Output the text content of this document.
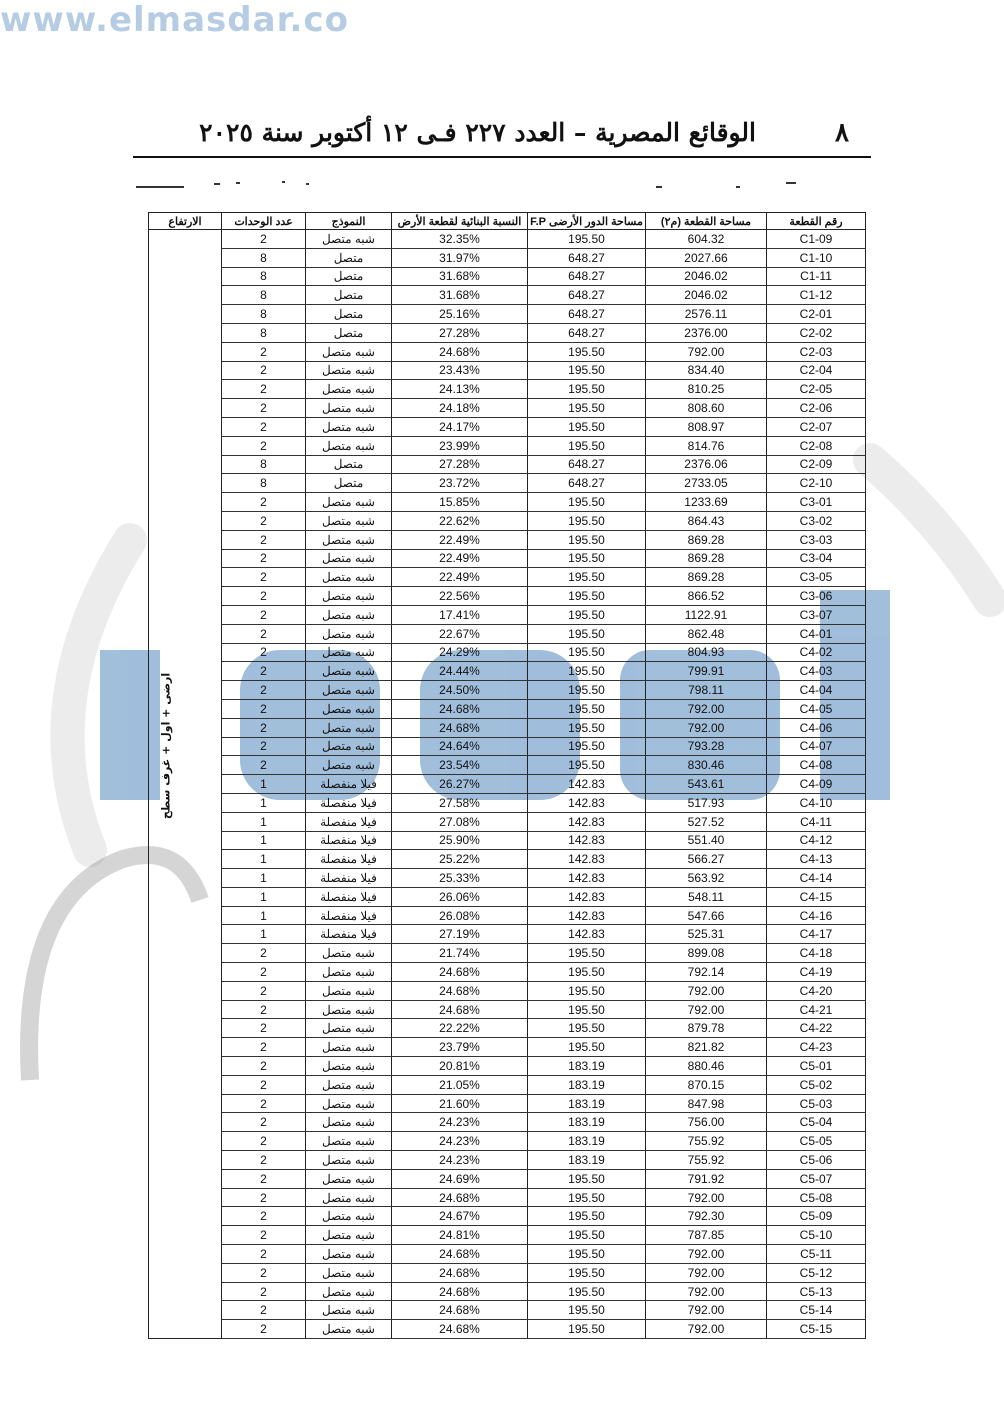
٨
الوقائع المصرية – العدد ٢٢٧ فـى ١٢ أكتوبر سنة ٢٠٢٥
www.elmasdar.co
رقم القطعة	مساحة القطعة (م٢)	مساحة الدور الأرضى F.P	النسبة البنائية لقطعة الأرض	النموذج	عدد الوحدات	الارتفاع
C1-09	604.32	195.50	32.35%	شبه متصل	2	
C1-10	2027.66	648.27	31.97%	متصل	8	
C1-11	2046.02	648.27	31.68%	متصل	8	
C1-12	2046.02	648.27	31.68%	متصل	8	
C2-01	2576.11	648.27	25.16%	متصل	8	
C2-02	2376.00	648.27	27.28%	متصل	8	
C2-03	792.00	195.50	24.68%	شبه متصل	2	
C2-04	834.40	195.50	23.43%	شبه متصل	2	
C2-05	810.25	195.50	24.13%	شبه متصل	2	
C2-06	808.60	195.50	24.18%	شبه متصل	2	
C2-07	808.97	195.50	24.17%	شبه متصل	2	
C2-08	814.76	195.50	23.99%	شبه متصل	2	
C2-09	2376.06	648.27	27.28%	متصل	8	
C2-10	2733.05	648.27	23.72%	متصل	8	
C3-01	1233.69	195.50	15.85%	شبه متصل	2	
C3-02	864.43	195.50	22.62%	شبه متصل	2	
C3-03	869.28	195.50	22.49%	شبه متصل	2	
C3-04	869.28	195.50	22.49%	شبه متصل	2	
C3-05	869.28	195.50	22.49%	شبه متصل	2	
C3-06	866.52	195.50	22.56%	شبه متصل	2	
C3-07	1122.91	195.50	17.41%	شبه متصل	2	
C4-01	862.48	195.50	22.67%	شبه متصل	2	
C4-02	804.93	195.50	24.29%	شبه متصل	2	
C4-03	799.91	195.50	24.44%	شبه متصل	2	
C4-04	798.11	195.50	24.50%	شبه متصل	2	
C4-05	792.00	195.50	24.68%	شبه متصل	2	
C4-06	792.00	195.50	24.68%	شبه متصل	2	
C4-07	793.28	195.50	24.64%	شبه متصل	2	
C4-08	830.46	195.50	23.54%	شبه متصل	2	
C4-09	543.61	142.83	26.27%	فيلا منفصلة	1	
C4-10	517.93	142.83	27.58%	فيلا منفصلة	1	
C4-11	527.52	142.83	27.08%	فيلا منفصلة	1	
C4-12	551.40	142.83	25.90%	فيلا منفصلة	1	
C4-13	566.27	142.83	25.22%	فيلا منفصلة	1	
C4-14	563.92	142.83	25.33%	فيلا منفصلة	1	
C4-15	548.11	142.83	26.06%	فيلا منفصلة	1	
C4-16	547.66	142.83	26.08%	فيلا منفصلة	1	
C4-17	525.31	142.83	27.19%	فيلا منفصلة	1	
C4-18	899.08	195.50	21.74%	شبه متصل	2	
C4-19	792.14	195.50	24.68%	شبه متصل	2	
C4-20	792.00	195.50	24.68%	شبه متصل	2	
C4-21	792.00	195.50	24.68%	شبه متصل	2	
C4-22	879.78	195.50	22.22%	شبه متصل	2	
C4-23	821.82	195.50	23.79%	شبه متصل	2	
C5-01	880.46	183.19	20.81%	شبه متصل	2	
C5-02	870.15	183.19	21.05%	شبه متصل	2	
C5-03	847.98	183.19	21.60%	شبه متصل	2	
C5-04	756.00	183.19	24.23%	شبه متصل	2	
C5-05	755.92	183.19	24.23%	شبه متصل	2	
C5-06	755.92	183.19	24.23%	شبه متصل	2	
C5-07	791.92	195.50	24.69%	شبه متصل	2	
C5-08	792.00	195.50	24.68%	شبه متصل	2	
C5-09	792.30	195.50	24.67%	شبه متصل	2	
C5-10	787.85	195.50	24.81%	شبه متصل	2	
C5-11	792.00	195.50	24.68%	شبه متصل	2	
C5-12	792.00	195.50	24.68%	شبه متصل	2	
C5-13	792.00	195.50	24.68%	شبه متصل	2	
C5-14	792.00	195.50	24.68%	شبه متصل	2	
C5-15	792.00	195.50	24.68%	شبه متصل	2	
ارضى + اول + غرف سطح
